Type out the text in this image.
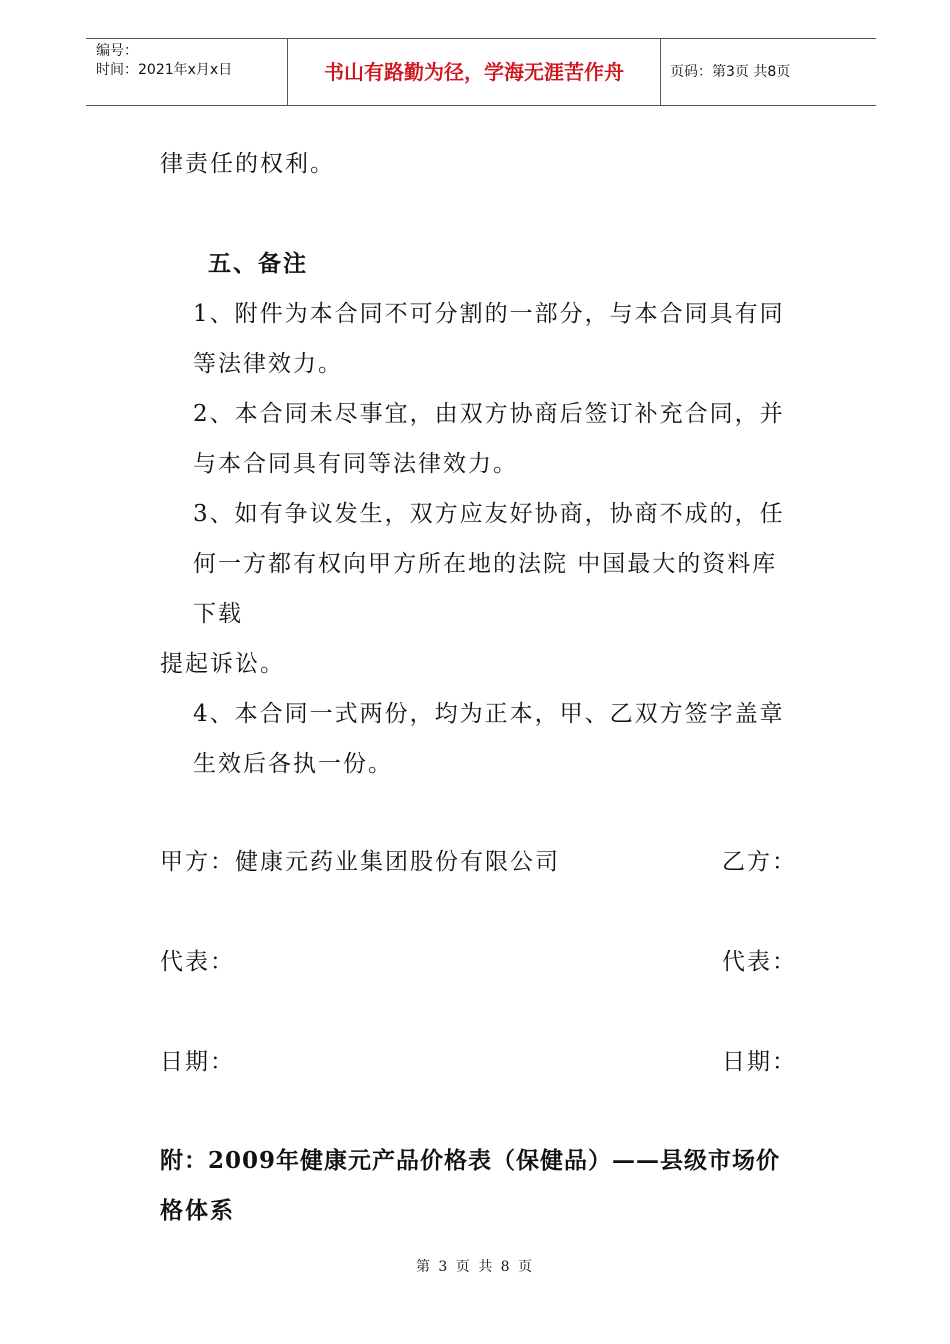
编号：
时间：2021年x月x日	书山有路勤为径，学海无涯苦作舟	页码：第3页 共8页
律责任的权利。
五、备注
1、附件为本合同不可分割的一部分，与本合同具有同
等法律效力。
2、本合同未尽事宜，由双方协商后签订补充合同，并
与本合同具有同等法律效力。
3、如有争议发生，双方应友好协商，协商不成的，任
何一方都有权向甲方所在地的法院 中国最大的资料库
下载
提起诉讼。
4、本合同一式两份，均为正本，甲、乙双方签字盖章
生效后各执一份。
甲方：健康元药业集团股份有限公司	乙方：
代表：	代表：
日期：	日期：
附：2009年健康元产品价格表（保健品）——县级市场价
格体系
第 3 页 共 8 页
